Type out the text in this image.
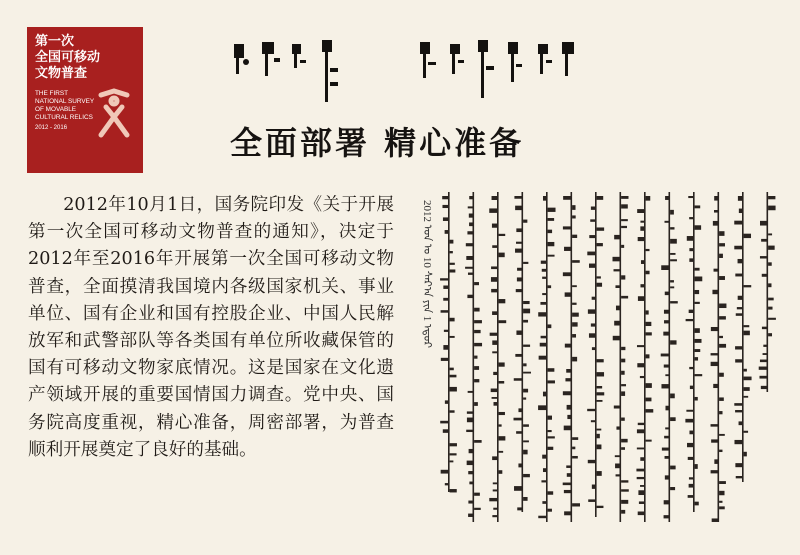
第一次
全国可移动
文物普查
THE FIRST
NATIONAL SURVEY
OF MOVABLE
CULTURAL RELICS
2012 - 2016	全面部署 精心准备

2012年10月1日，国务院印发《关于开展第一次全国可移动文物普查的通知》，决定于2012年至2016年开展第一次全国可移动文物普查，全面摸清我国境内各级国家机关、事业单位、国有企业和国有控股企业、中国人民解放军和武警部队等各类国有单位所收藏保管的国有可移动文物家底情况。这是国家在文化遗产领域开展的重要国情国力调查。党中央、国务院高度重视，精心准备，周密部署，为普查顺利开展奠定了良好的基础。

2012 ᠣᠨ ᠤ 10 ᠰᠠᠷ᠎ᠠ ᠶᠢᠨ 1 ᠡᠳᠦᠷ
